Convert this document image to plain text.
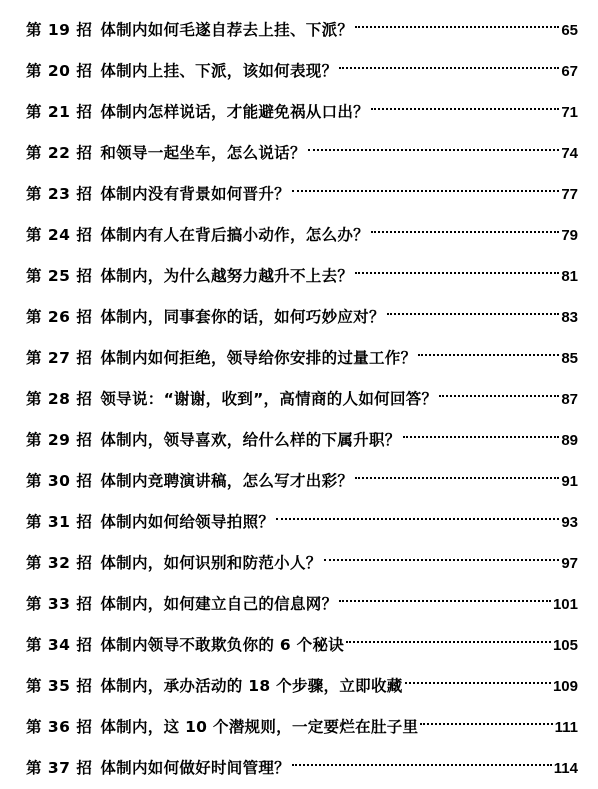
第 19 招 体制内如何毛遂自荐去上挂、下派？	65
第 20 招 体制内上挂、下派，该如何表现？	67
第 21 招 体制内怎样说话，才能避免祸从口出？	71
第 22 招 和领导一起坐车，怎么说话？	74
第 23 招 体制内没有背景如何晋升？	77
第 24 招 体制内有人在背后搞小动作，怎么办？	79
第 25 招 体制内，为什么越努力越升不上去？	81
第 26 招 体制内，同事套你的话，如何巧妙应对？	83
第 27 招 体制内如何拒绝，领导给你安排的过量工作？	85
第 28 招 领导说：“谢谢，收到”，高情商的人如何回答？	87
第 29 招 体制内，领导喜欢，给什么样的下属升职？	89
第 30 招 体制内竞聘演讲稿，怎么写才出彩？	91
第 31 招 体制内如何给领导拍照？	93
第 32 招 体制内，如何识别和防范小人？	97
第 33 招 体制内，如何建立自己的信息网？	101
第 34 招 体制内领导不敢欺负你的 6 个秘诀	105
第 35 招 体制内，承办活动的 18 个步骤，立即收藏	109
第 36 招 体制内，这 10 个潜规则，一定要烂在肚子里	111
第 37 招 体制内如何做好时间管理？	114
